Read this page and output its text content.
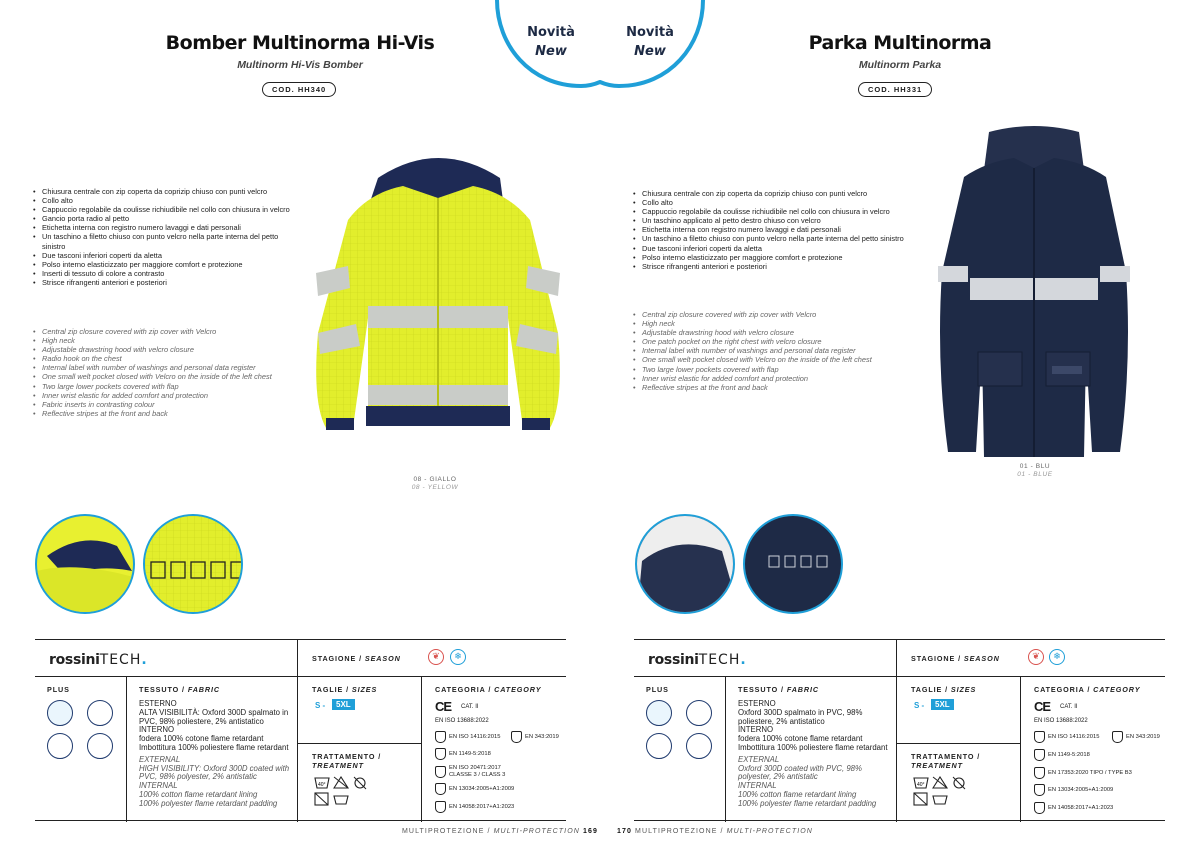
Novità
New
Novità
New
Bomber Multinorma Hi-Vis
Multinorm Hi-Vis Bomber
COD. HH340
• Chiusura centrale con zip coperta da coprizip chiuso con punti velcro
• Collo alto
• Cappuccio regolabile da coulisse richiudibile nel collo con chiusura in velcro
• Gancio porta radio al petto
• Etichetta interna con registro numero lavaggi e dati personali
• Un taschino a filetto chiuso con punto velcro nella parte interna del petto sinistro
• Due tasconi inferiori coperti da aletta
• Polso interno elasticizzato per maggiore comfort e protezione
• Inserti di tessuto di colore a contrasto
• Strisce rifrangenti anteriori e posteriori
• Central zip closure covered with zip cover with Velcro
• High neck
• Adjustable drawstring hood with velcro closure
• Radio hook on the chest
• Internal label with number of washings and personal data register
• One small welt pocket closed with Velcro on the inside of the left chest
• Two large lower pockets covered with flap
• Inner wrist elastic for added comfort and protection
• Fabric inserts in contrasting colour
• Reflective stripes at the front and back
08 - GIALLO
08 - YELLOW
rossiniTECH.	STAGIONE / SEASON	❦	❄
PLUS	TESSUTO / FABRIC
ESTERNO
ALTA VISIBILITÀ: Oxford 300D spalmato in PVC, 98% poliestere, 2% antistatico
INTERNO
fodera 100% cotone flame retardant
Imbottitura 100% poliestere flame retardant
EXTERNAL
HIGH VISIBILITY: Oxford 300D coated with PVC, 98% polyester, 2% antistatic
INTERNAL
100% cotton flame retardant lining
100% polyester flame retardant padding
TAGLIE / SIZES
S -	5XL
TRATTAMENTO /
TREATMENT
40°
CATEGORIA / CATEGORY
CE CAT. II
EN ISO 13688:2022
EN ISO 14116:2015	EN 343:2019
EN 1149-5:2018
EN ISO 20471:2017
CLASSE 3 / CLASS 3
EN 13034:2005+A1:2009
EN 14058:2017+A1:2023
MULTIPROTEZIONE / MULTI-PROTECTION 169
Parka Multinorma
Multinorm Parka
COD. HH331
• Chiusura centrale con zip coperta da coprizip chiuso con punti velcro
• Collo alto
• Cappuccio regolabile da coulisse richiudibile nel collo con chiusura in velcro
• Un taschino applicato al petto destro chiuso con velcro
• Etichetta interna con registro numero lavaggi e dati personali
• Un taschino a filetto chiuso con punto velcro nella parte interna del petto sinistro
• Due tasconi inferiori coperti da aletta
• Polso interno elasticizzato per maggiore comfort e protezione
• Strisce rifrangenti anteriori e posteriori
• Central zip closure covered with zip cover with Velcro
• High neck
• Adjustable drawstring hood with velcro closure
• One patch pocket on the right chest with velcro closure
• Internal label with number of washings and personal data register
• One small welt pocket closed with Velcro on the inside of the left chest
• Two large lower pockets covered with flap
• Inner wrist elastic for added comfort and protection
• Reflective stripes at the front and back
01 - BLU
01 - BLUE
rossiniTECH.	STAGIONE / SEASON	❦	❄
PLUS	TESSUTO / FABRIC
ESTERNO
Oxford 300D spalmato in PVC, 98% poliestere, 2% antistatico
INTERNO
fodera 100% cotone flame retardant
Imbottitura 100% poliestere flame retardant
EXTERNAL
Oxford 300D coated with PVC, 98% polyester, 2% antistatic
INTERNAL
100% cotton flame retardant lining
100% polyester flame retardant padding
TAGLIE / SIZES
S -	5XL
TRATTAMENTO /
TREATMENT
40°
CATEGORIA / CATEGORY
CE CAT. II
EN ISO 13688:2022
EN ISO 14116:2015	EN 343:2019
EN 1149-5:2018
EN 17353:2020 TIPO / TYPE B3
EN 13034:2005+A1:2009
EN 14058:2017+A1:2023
170 MULTIPROTEZIONE / MULTI-PROTECTION
